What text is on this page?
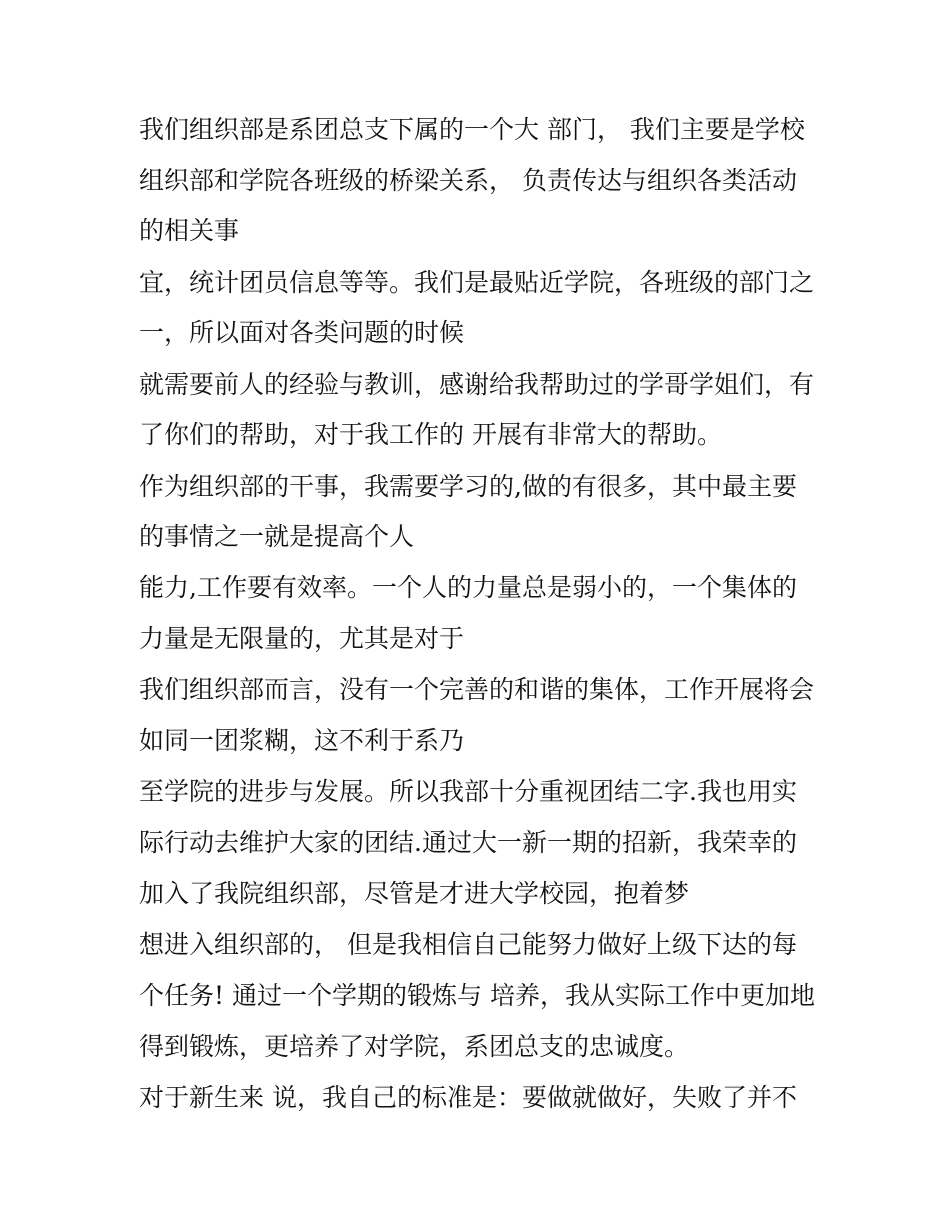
我们组织部是系团总支下属的一个大 部门， 我们主要是学校
组织部和学院各班级的桥梁关系， 负责传达与组织各类活动
的相关事
宜，统计团员信息等等。我们是最贴近学院，各班级的部门之
一，所以面对各类问题的时候
就需要前人的经验与教训，感谢给我帮助过的学哥学姐们，有
了你们的帮助，对于我工作的 开展有非常大的帮助。
作为组织部的干事，我需要学习的,做的有很多，其中最主要
的事情之一就是提高个人
能力,工作要有效率。一个人的力量总是弱小的，一个集体的
力量是无限量的，尤其是对于
我们组织部而言，没有一个完善的和谐的集体，工作开展将会
如同一团浆糊，这不利于系乃
至学院的进步与发展。所以我部十分重视团结二字.我也用实
际行动去维护大家的团结.通过大一新一期的招新，我荣幸的
加入了我院组织部，尽管是才进大学校园，抱着梦
想进入组织部的， 但是我相信自己能努力做好上级下达的每
个任务! 通过一个学期的锻炼与 培养，我从实际工作中更加地
得到锻炼，更培养了对学院，系团总支的忠诚度。
对于新生来 说，我自己的标准是：要做就做好，失败了并不
